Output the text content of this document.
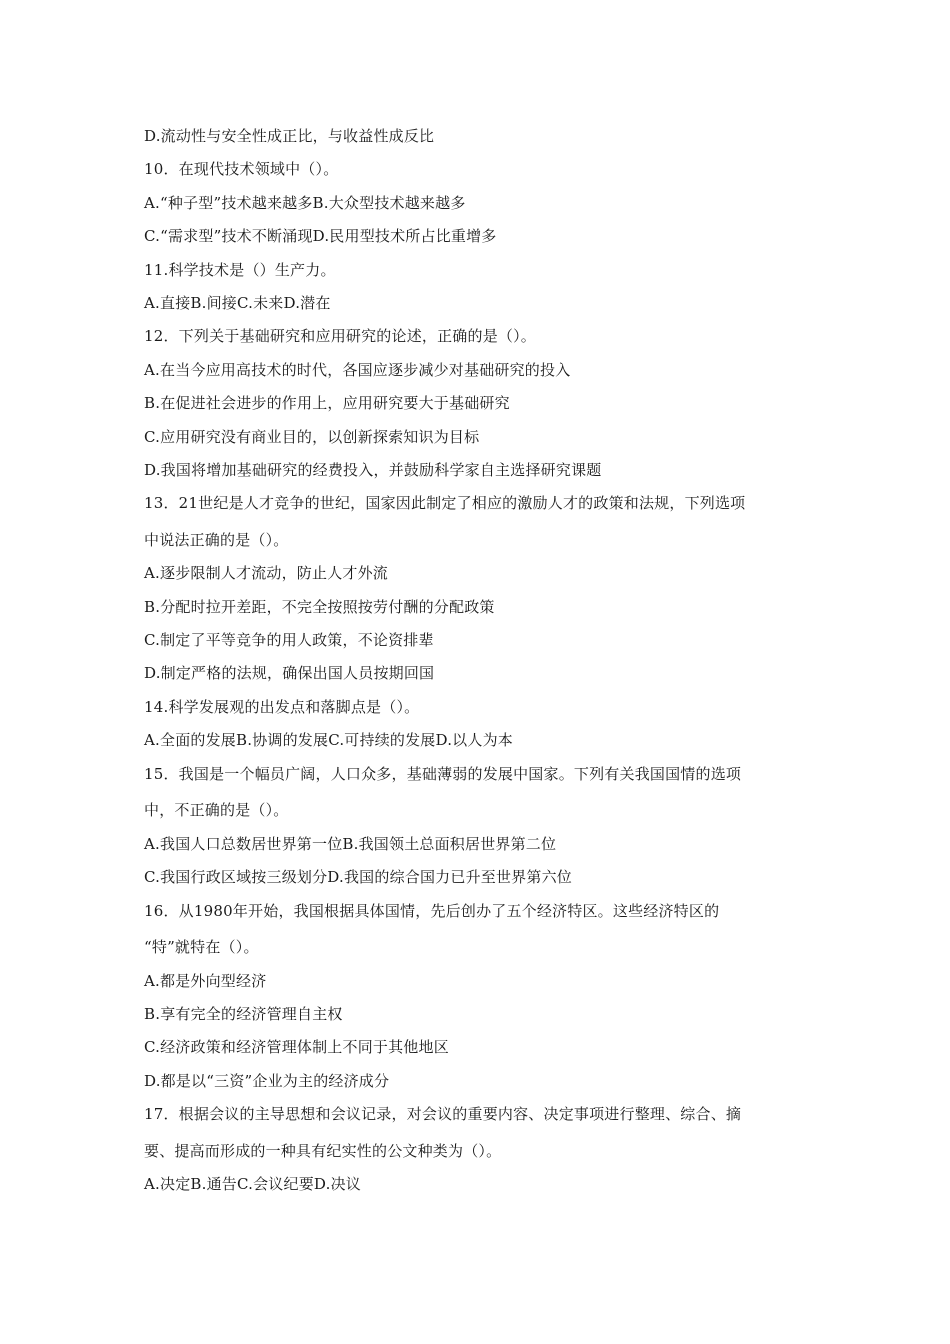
D.流动性与安全性成正比，与收益性成反比
10．在现代技术领域中（）。
A.“种子型”技术越来越多B.大众型技术越来越多
C.“需求型”技术不断涌现D.民用型技术所占比重增多
11.科学技术是（）生产力。
A.直接B.间接C.未来D.潜在
12．下列关于基础研究和应用研究的论述，正确的是（）。
A.在当今应用高技术的时代，各国应逐步减少对基础研究的投入
B.在促进社会进步的作用上，应用研究要大于基础研究
C.应用研究没有商业目的，以创新探索知识为目标
D.我国将增加基础研究的经费投入，并鼓励科学家自主选择研究课题
13．21世纪是人才竞争的世纪，国家因此制定了相应的激励人才的政策和法规，下列选项
中说法正确的是（）。
A.逐步限制人才流动，防止人才外流
B.分配时拉开差距，不完全按照按劳付酬的分配政策
C.制定了平等竞争的用人政策，不论资排辈
D.制定严格的法规，确保出国人员按期回国
14.科学发展观的出发点和落脚点是（）。
A.全面的发展B.协调的发展C.可持续的发展D.以人为本
15．我国是一个幅员广阔，人口众多，基础薄弱的发展中国家。下列有关我国国情的选项
中，不正确的是（）。
A.我国人口总数居世界第一位B.我国领土总面积居世界第二位
C.我国行政区域按三级划分D.我国的综合国力已升至世界第六位
16．从1980年开始，我国根据具体国情，先后创办了五个经济特区。这些经济特区的
“特”就特在（）。
A.都是外向型经济
B.享有完全的经济管理自主权
C.经济政策和经济管理体制上不同于其他地区
D.都是以“三资”企业为主的经济成分
17．根据会议的主导思想和会议记录，对会议的重要内容、决定事项进行整理、综合、摘
要、提高而形成的一种具有纪实性的公文种类为（）。
A.决定B.通告C.会议纪要D.决议
